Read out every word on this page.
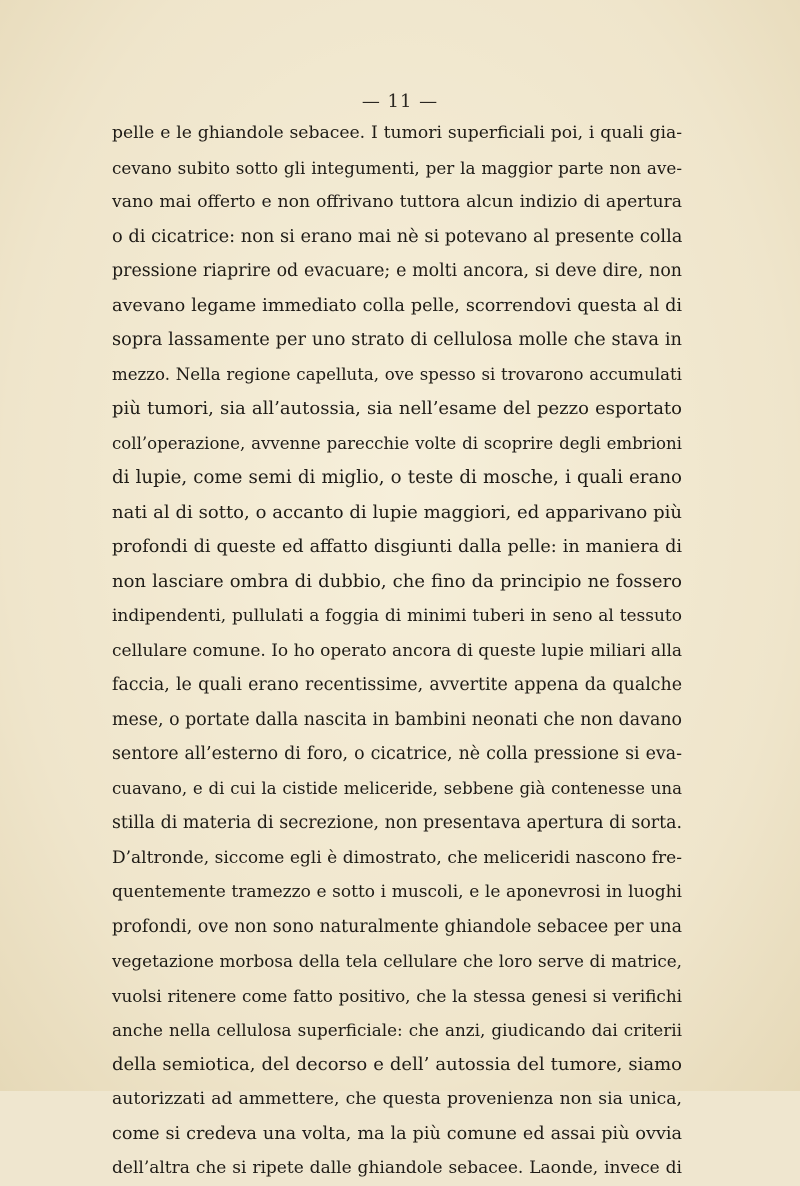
— 11 —
pelle e le ghiandole sebacee. I tumori superficiali poi, i quali gia-
cevano subito sotto gli integumenti, per la maggior parte non ave-
vano mai offerto e non offrivano tuttora alcun indizio di apertura
o di cicatrice: non si erano mai nè si potevano al presente colla
pressione riaprire od evacuare; e molti ancora, si deve dire, non
avevano legame immediato colla pelle, scorrendovi questa al di
sopra lassamente per uno strato di cellulosa molle che stava in
mezzo. Nella regione capelluta, ove spesso si trovarono accumulati
più tumori, sia all’autossia, sia nell’esame del pezzo esportato
coll’operazione, avvenne parecchie volte di scoprire degli embrioni
di lupie, come semi di miglio, o teste di mosche, i quali erano
nati al di sotto, o accanto di lupie maggiori, ed apparivano più
profondi di queste ed affatto disgiunti dalla pelle: in maniera di
non lasciare ombra di dubbio, che fino da principio ne fossero
indipendenti, pullulati a foggia di minimi tuberi in seno al tessuto
cellulare comune. Io ho operato ancora di queste lupie miliari alla
faccia, le quali erano recentissime, avvertite appena da qualche
mese, o portate dalla nascita in bambini neonati che non davano
sentore all’esterno di foro, o cicatrice, nè colla pressione si eva-
cuavano, e di cui la cistide meliceride, sebbene già contenesse una
stilla di materia di secrezione, non presentava apertura di sorta.
D’altronde, siccome egli è dimostrato, che meliceridi nascono fre-
quentemente tramezzo e sotto i muscoli, e le aponevrosi in luoghi
profondi, ove non sono naturalmente ghiandole sebacee per una
vegetazione morbosa della tela cellulare che loro serve di matrice,
vuolsi ritenere come fatto positivo, che la stessa genesi si verifichi
anche nella cellulosa superficiale: che anzi, giudicando dai criterii
della semiotica, del decorso e dell’ autossia del tumore, siamo
autorizzati ad ammettere, che questa provenienza non sia unica,
come si credeva una volta, ma la più comune ed assai più ovvia
dell’altra che si ripete dalle ghiandole sebacee. Laonde, invece di
